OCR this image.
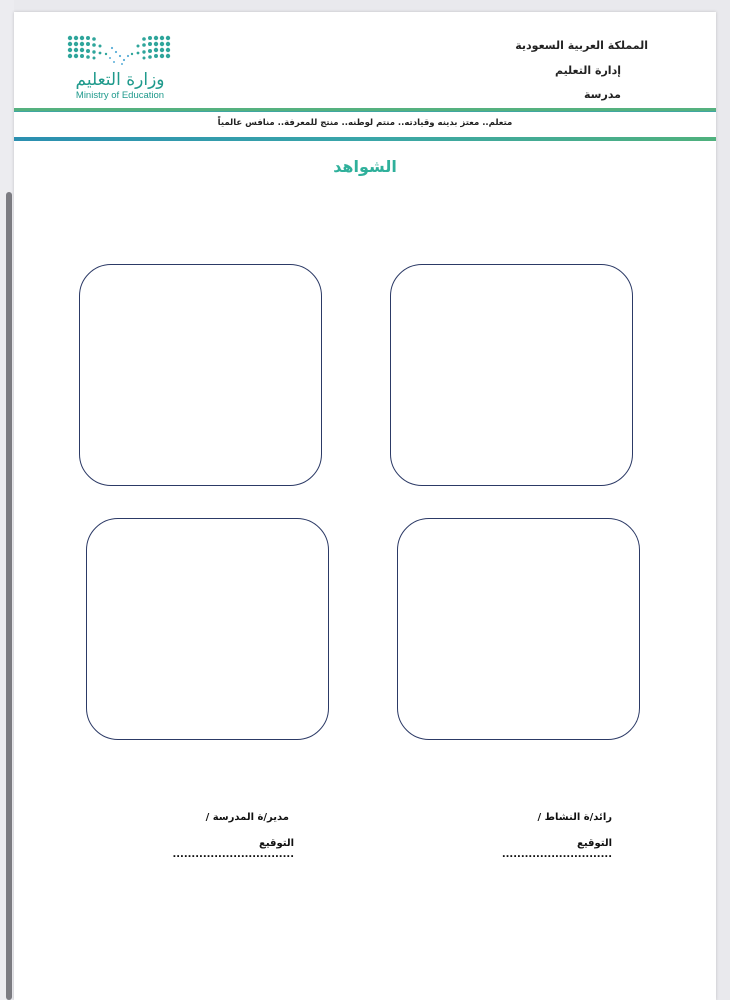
وزارة التعليم
Ministry of Education
المملكة العربية السعودية
إدارة التعليم
مدرسة
متعلم.. معتز بدينه وقيادته.. منتم لوطنه.. منتج للمعرفة.. منافس عالمياً
الشواهد
مدير/ة المدرسة /
التوقيع ................................
رائد/ة النشاط /
التوقيع .............................
